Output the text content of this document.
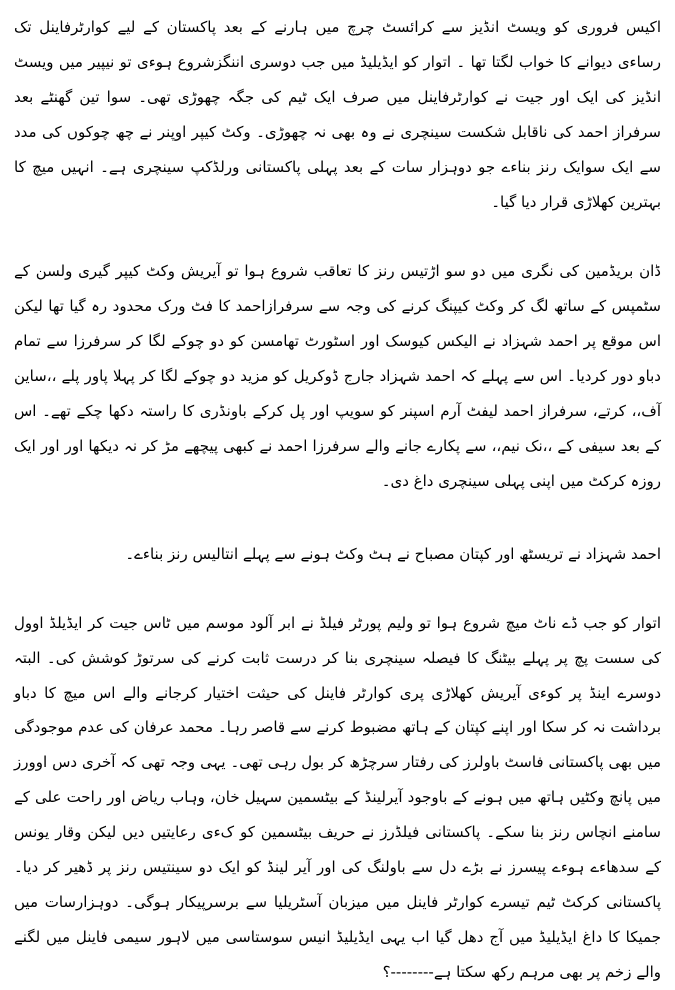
اکیس فروری کو ویسٹ انڈیز سے کرائسٹ چرچ میں ہارنے کے بعد پاکستان کے لیے کوارٹرفاینل تک رساءی دیوانے کا خواب لگتا تھا ۔ اتوار کو ایڈیلیڈ میں جب دوسری اننگزشروع ہوءی تو نیپیر میں ویسٹ انڈیز کی ایک اور جیت نے کوارٹرفاینل میں صرف ایک ٹیم کی جگہ چھوڑی تھی۔ سوا تین گھنٹے بعد سرفراز احمد کی ناقابل شکست سینچری نے وہ بھی نہ چھوڑی۔ وکٹ کیپر اوپنر نے چھ چوکوں کی مدد سے ایک سوایک رنز بناءے جو دوہزار سات کے بعد پہلی پاکستانی ورلڈکپ سینچری ہے۔ انہیں میچ کا بہترین کھلاڑی قرار دیا گیا۔

ڈان بریڈمین کی نگری میں دو سو اڑتیس رنز کا تعاقب شروع ہوا تو آیریش وکٹ کیپر گیری ولسن کے سٹمپس کے ساتھ لگ کر وکٹ کیپنگ کرنے کی وجہ سے سرفرازاحمد کا فٹ ورک محدود رہ گیا تھا لیکن اس موقع پر احمد شہزاد نے الیکس کیوسک اور اسٹورٹ تھامسن کو دو چوکے لگا کر سرفرزا سے تمام دباو دور کردیا۔ اس سے پہلے کہ احمد شہزاد جارج ڈوکریل کو مزید دو چوکے لگا کر پہلا پاور پلے ،،ساین آف،، کرتے، سرفراز احمد لیفٹ آرم اسپنر کو سویپ اور پل کرکے باونڈری کا راستہ دکھا چکے تھے۔ اس کے بعد سیفی کے ،،نک نیم،، سے پکارے جانے والے سرفرزا احمد نے کبھی پیچھے مڑ کر نہ دیکھا اور اور ایک روزہ کرکٹ میں اپنی پہلی سینچری داغ دی۔

احمد شہزاد نے تریسٹھ اور کپتان مصباح نے ہٹ وکٹ ہونے سے پہلے انتالیس رنز بناءے۔

اتوار کو جب ڈے ناٹ میچ شروع ہوا تو ولیم پورٹر فیلڈ نے ابر آلود موسم میں ٹاس جیت کر ایڈیلڈ اوول کی سست پچ پر پہلے بیٹنگ کا فیصلہ سینچری بنا کر درست ثابت کرنے کی سرتوڑ کوشش کی۔ البتہ دوسرے اینڈ پر کوءی آیریش کھلاڑی پری کوارٹر فاینل کی حیثت اختیار کرجانے والے اس میچ کا دباو برداشت نہ کر سکا اور اپنے کپتان کے ہاتھ مضبوط کرنے سے قاصر رہا۔ محمد عرفان کی عدم موجودگی میں بھی پاکستانی فاسٹ باولرز کی رفتار سرچڑھ کر بول رہی تھی۔ یہی وجہ تھی کہ آخری دس اوورز میں پانچ وکٹیں ہاتھ میں ہونے کے باوجود آیرلینڈ کے بیٹسمین سہیل خان، وہاب ریاض اور راحت علی کے سامنے انچاس رنز بنا سکے۔ پاکستانی فیلڈرز نے حریف بیٹسمین کو کءی رعایتیں دیں لیکن وقار یونس کے سدھاءے ہوءے پیسرز نے بڑے دل سے باولنگ کی اور آیر لینڈ کو ایک دو سینتیس رنز پر ڈھیر کر دیا۔ پاکستانی کرکٹ ٹیم تیسرے کوارٹر فاینل میں میزبان آسٹریلیا سے برسرپیکار ہوگی۔ دوہزارسات میں جمیکا کا داغ ایڈیلیڈ میں آج دھل گیا اب یہی ایڈیلیڈ انیس سوستاسی میں لاہور سیمی فاینل میں لگنے والے زخم پر بھی مرہم رکھ سکتا ہے--------؟
